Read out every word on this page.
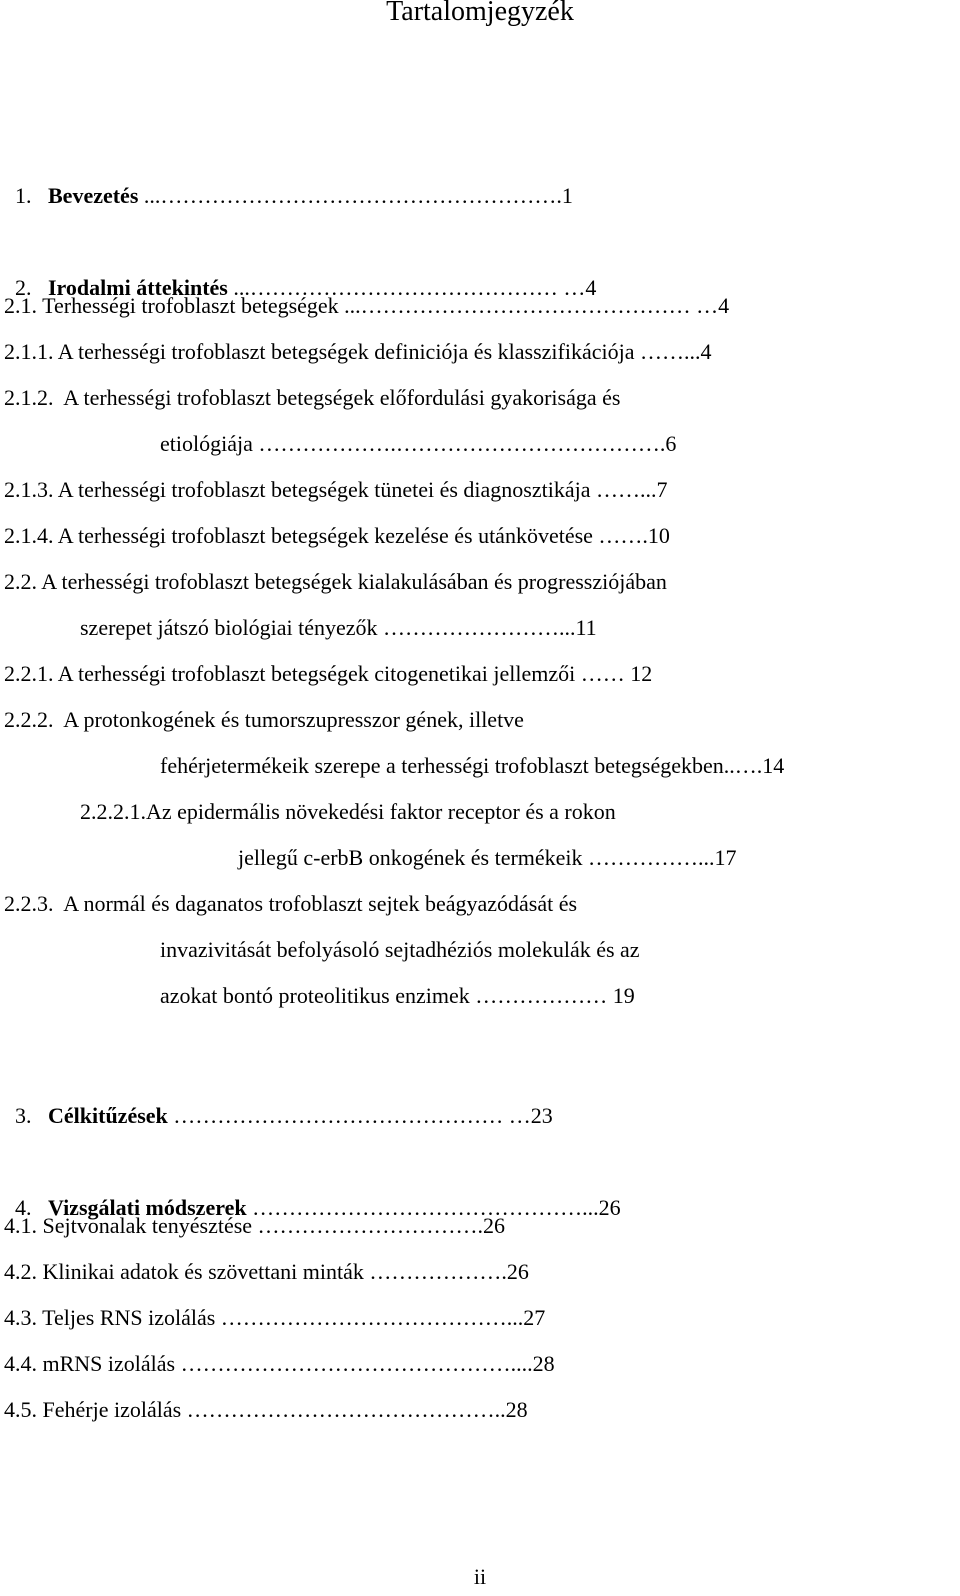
Tartalomjegyzék

1. Bevezetés ...……………………………………………….1

2. Irodalmi áttekintés ...…………………………………… …4

2.1. Terhességi trofoblaszt betegségek ...……………………………………… …4
2.1.1. A terhességi trofoblaszt betegségek definiciója és klasszifikációja ……...4
2.1.2.  A terhességi trofoblaszt betegségek előfordulási gyakorisága és
etiológiája ……………….……………………………….6
2.1.3. A terhességi trofoblaszt betegségek tünetei és diagnosztikája ……...7
2.1.4. A terhességi trofoblaszt betegségek kezelése és utánkövetése …….10
2.2. A terhességi trofoblaszt betegségek kialakulásában és progressziójában
szerepet játszó biológiai tényezők ……………………...11
2.2.1. A terhességi trofoblaszt betegségek citogenetikai jellemzői …… 12
2.2.2.  A protonkogének és tumorszupresszor gének, illetve
fehérjetermékeik szerepe a terhességi trofoblaszt betegségekben..….14
2.2.2.1.Az epidermális növekedési faktor receptor és a rokon
jellegű c-erbB onkogének és termékeik ……………...17
2.2.3.  A normál és daganatos trofoblaszt sejtek beágyazódását és
invazivitását befolyásoló sejtadhéziós molekulák és az
azokat bontó proteolitikus enzimek ……………… 19

3. Célkitűzések ……………………………………… …23

4. Vizsgálati módszerek ………………………………………...26

4.1. Sejtvonalak tenyésztése ………………………….26
4.2. Klinikai adatok és szövettani minták ……………….26
4.3. Teljes RNS izolálás …………………………………...27
4.4. mRNS izolálás ………………………………………....28
4.5. Fehérje izolálás ……………………………………..28
ii
